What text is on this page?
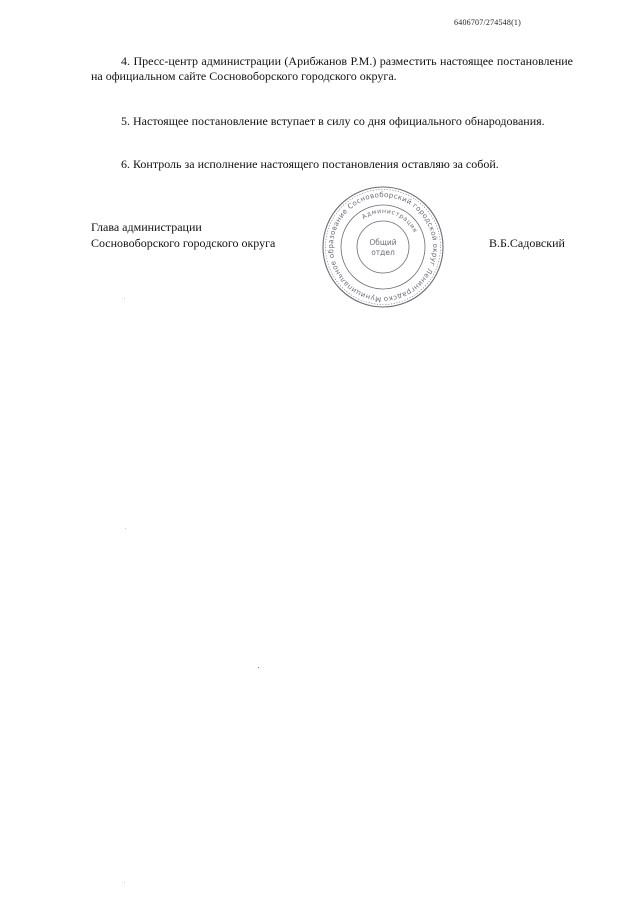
6406707/274548(1)

4. Пресс-центр администрации (Арибжанов Р.М.) разместить настоящее постановление на официальном сайте Сосновоборского городского округа.

5. Настоящее постановление вступает в силу со дня официального обнародования.

6. Контроль за исполнение настоящего постановления оставляю за собой.

Глава администрации
Сосновоборского городского округа	В.Б.Садовский
Муниципальное образование Сосновоборский городской округ Ленинградской
Администрация
Общий
отдел
